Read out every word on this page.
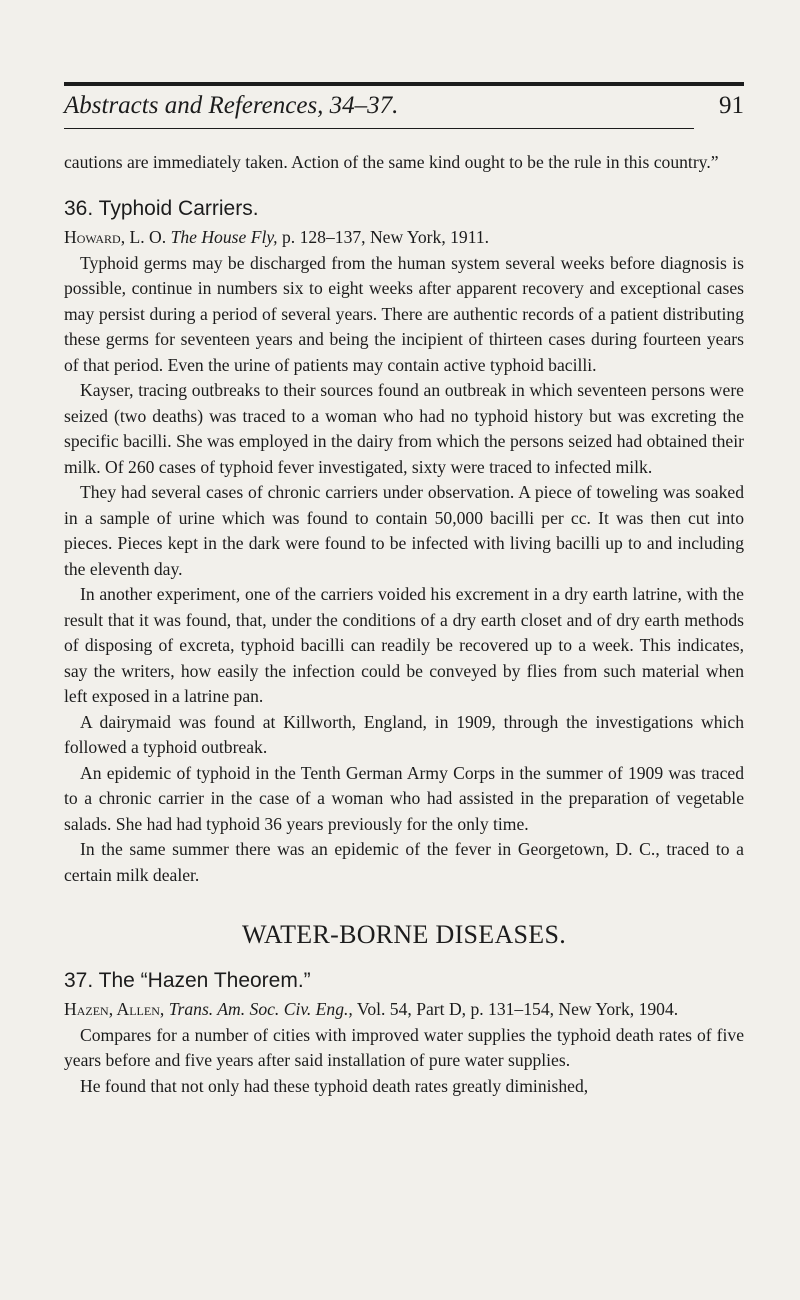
Abstracts and References, 34–37.	91

cautions are immediately taken. Action of the same kind ought to be the rule in this country.”

36. Typhoid Carriers.

Howard, L. O. The House Fly, p. 128–137, New York, 1911.

Typhoid germs may be discharged from the human system several weeks before diagnosis is possible, continue in numbers six to eight weeks after apparent recovery and exceptional cases may persist during a period of several years. There are authentic records of a patient distributing these germs for seventeen years and being the incipient of thirteen cases during fourteen years of that period. Even the urine of patients may contain active typhoid bacilli.

Kayser, tracing outbreaks to their sources found an outbreak in which seventeen persons were seized (two deaths) was traced to a woman who had no typhoid history but was excreting the specific bacilli. She was employed in the dairy from which the persons seized had obtained their milk. Of 260 cases of typhoid fever investigated, sixty were traced to infected milk.

They had several cases of chronic carriers under observation. A piece of toweling was soaked in a sample of urine which was found to contain 50,000 bacilli per cc. It was then cut into pieces. Pieces kept in the dark were found to be infected with living bacilli up to and including the eleventh day.

In another experiment, one of the carriers voided his excrement in a dry earth latrine, with the result that it was found, that, under the conditions of a dry earth closet and of dry earth methods of disposing of excreta, typhoid bacilli can readily be recovered up to a week. This indicates, say the writers, how easily the infection could be conveyed by flies from such material when left exposed in a latrine pan.

A dairymaid was found at Killworth, England, in 1909, through the investigations which followed a typhoid outbreak.

An epidemic of typhoid in the Tenth German Army Corps in the summer of 1909 was traced to a chronic carrier in the case of a woman who had assisted in the preparation of vegetable salads. She had had typhoid 36 years previously for the only time.

In the same summer there was an epidemic of the fever in Georgetown, D. C., traced to a certain milk dealer.

WATER-BORNE DISEASES.
37. The “Hazen Theorem.”

Hazen, Allen, Trans. Am. Soc. Civ. Eng., Vol. 54, Part D, p. 131–154, New York, 1904.

Compares for a number of cities with improved water supplies the typhoid death rates of five years before and five years after said installation of pure water supplies.

He found that not only had these typhoid death rates greatly diminished,
